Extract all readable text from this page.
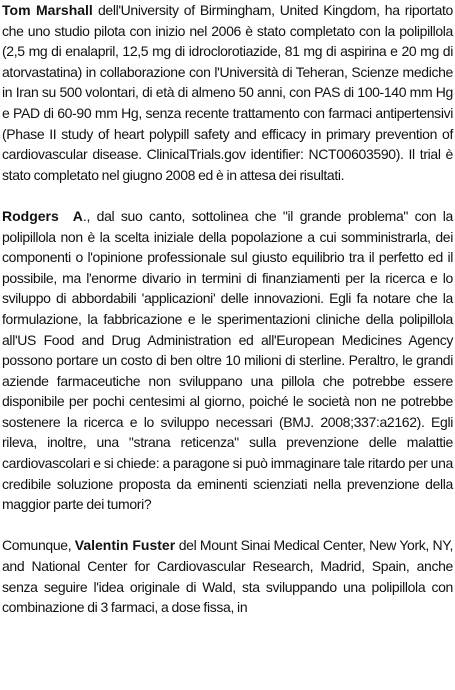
Tom Marshall dell'University of Birmingham, United Kingdom, ha riportato che uno studio pilota con inizio nel 2006 è stato completato con la polipillola (2,5 mg di enalapril, 12,5 mg di idroclorotiazide, 81 mg di aspirina e 20 mg di atorvastatina) in collaborazione con l'Università di Teheran, Scienze mediche in Iran su 500 volontari, di età di almeno 50 anni, con PAS di 100-140 mm Hg e PAD di 60-90 mm Hg, senza recente trattamento con farmaci antipertensivi (Phase II study of heart polypill safety and efficacy in primary prevention of cardiovascular disease. ClinicalTrials.gov identifier: NCT00603590). Il trial è stato completato nel giugno 2008 ed è in attesa dei risultati.

Rodgers A., dal suo canto, sottolinea che "il grande problema" con la polipillola non è la scelta iniziale della popolazione a cui somministrarla, dei componenti o l'opinione professionale sul giusto equilibrio tra il perfetto ed il possibile, ma l'enorme divario in termini di finanziamenti per la ricerca e lo sviluppo di abbordabili 'applicazioni' delle innovazioni. Egli fa notare che la formulazione, la fabbricazione e le sperimentazioni cliniche della polipillola all'US Food and Drug Administration ed all'European Medicines Agency possono portare un costo di ben oltre 10 milioni di sterline. Peraltro, le grandi aziende farmaceutiche non sviluppano una pillola che potrebbe essere disponibile per pochi centesimi al giorno, poiché le società non ne potrebbe sostenere la ricerca e lo sviluppo necessari (BMJ. 2008;337:a2162). Egli rileva, inoltre, una "strana reticenza" sulla prevenzione delle malattie cardiovascolari e si chiede: a paragone si può immaginare tale ritardo per una credibile soluzione proposta da eminenti scienziati nella prevenzione della maggior parte dei tumori?

Comunque, Valentin Fuster del Mount Sinai Medical Center, New York, NY, and National Center for Cardiovascular Research, Madrid, Spain, anche senza seguire l'idea originale di Wald, sta sviluppando una polipillola con combinazione di 3 farmaci, a dose fissa, in
